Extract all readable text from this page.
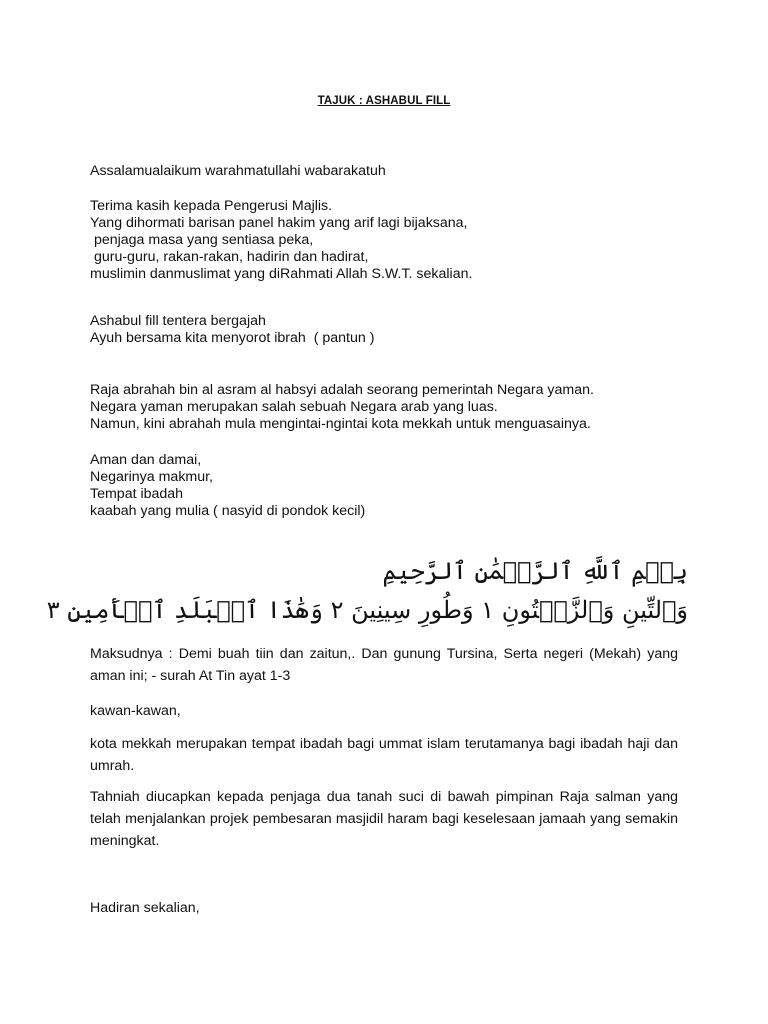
TAJUK : ASHABUL FILL
Assalamualaikum warahmatullahi wabarakatuh
Terima kasih kepada Pengerusi Majlis.
Yang dihormati barisan panel hakim yang arif lagi bijaksana,
penjaga masa yang sentiasa peka,
guru-guru, rakan-rakan, hadirin dan hadirat,
muslimin danmuslimat yang diRahmati Allah S.W.T. sekalian.
Ashabul fill tentera bergajah
Ayuh bersama kita menyorot ibrah  ( pantun )
Raja abrahah bin al asram al habsyi adalah seorang pemerintah Negara yaman.
Negara yaman merupakan salah sebuah Negara arab yang luas.
Namun, kini abrahah mula mengintai-ngintai kota mekkah untuk menguasainya.
Aman dan damai,
Negarinya makmur,
Tempat ibadah
kaabah yang mulia ( nasyid di pondok kecil)
بِسۡمِ ٱللَّهِ ٱلرَّحۡمَٰنِ ٱلرَّحِيمِ
وَٱلتِّينِ وَٱلزَّيۡتُونِ ١ وَطُورِ سِينِينَ ٢ وَهَٰذَا ٱلۡبَلَدِ ٱلۡأَمِينِ ٣
Maksudnya : Demi buah tiin dan zaitun,. Dan gunung Tursina, Serta negeri (Mekah) yang aman ini; - surah At Tin ayat 1-3
kawan-kawan,
kota mekkah merupakan tempat ibadah bagi ummat islam terutamanya bagi ibadah haji dan umrah.
Tahniah diucapkan kepada penjaga dua tanah suci di bawah pimpinan Raja salman yang telah menjalankan projek pembesaran masjidil haram bagi keselesaan jamaah yang semakin meningkat.
Hadiran sekalian,
